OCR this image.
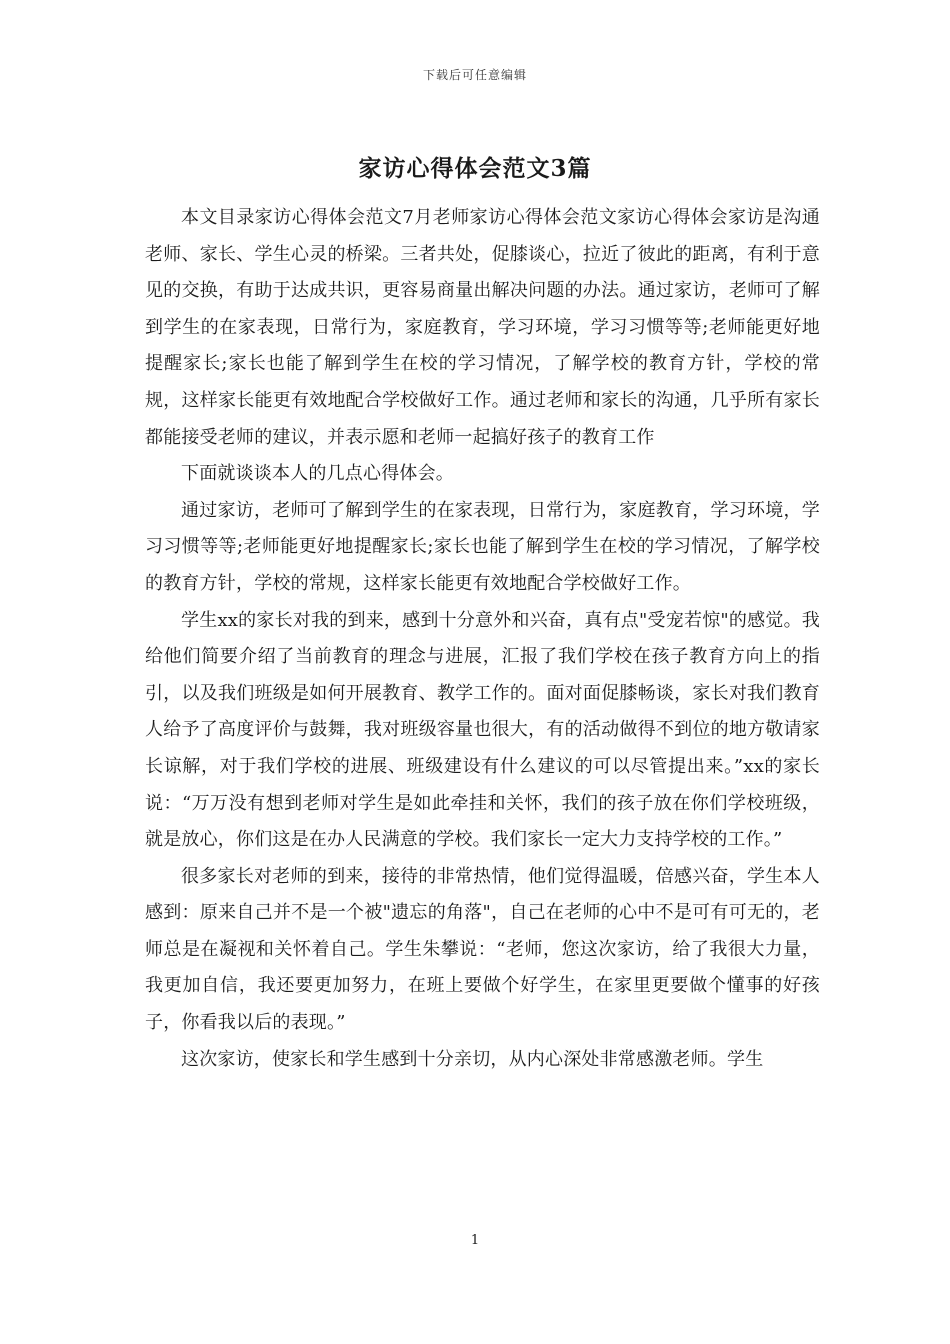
下载后可任意编辑
家访心得体会范文3篇

本文目录家访心得体会范文7月老师家访心得体会范文家访心得体会家访是沟通老师、家长、学生心灵的桥梁。三者共处，促膝谈心，拉近了彼此的距离，有利于意见的交换，有助于达成共识，更容易商量出解决问题的办法。通过家访，老师可了解到学生的在家表现，日常行为，家庭教育，学习环境，学习习惯等等;老师能更好地提醒家长;家长也能了解到学生在校的学习情况，了解学校的教育方针，学校的常规，这样家长能更有效地配合学校做好工作。通过老师和家长的沟通，几乎所有家长都能接受老师的建议，并表示愿和老师一起搞好孩子的教育工作

下面就谈谈本人的几点心得体会。

通过家访，老师可了解到学生的在家表现，日常行为，家庭教育，学习环境，学习习惯等等;老师能更好地提醒家长;家长也能了解到学生在校的学习情况，了解学校的教育方针，学校的常规，这样家长能更有效地配合学校做好工作。

学生xx的家长对我的到来，感到十分意外和兴奋，真有点"受宠若惊"的感觉。我给他们简要介绍了当前教育的理念与进展，汇报了我们学校在孩子教育方向上的指引，以及我们班级是如何开展教育、教学工作的。面对面促膝畅谈，家长对我们教育人给予了高度评价与鼓舞，我对班级容量也很大，有的活动做得不到位的地方敬请家长谅解，对于我们学校的进展、班级建设有什么建议的可以尽管提出来。”xx的家长说：“万万没有想到老师对学生是如此牵挂和关怀，我们的孩子放在你们学校班级，就是放心，你们这是在办人民满意的学校。我们家长一定大力支持学校的工作。”

很多家长对老师的到来，接待的非常热情，他们觉得温暖，倍感兴奋，学生本人感到：原来自己并不是一个被"遗忘的角落"，自己在老师的心中不是可有可无的，老师总是在凝视和关怀着自己。学生朱攀说：“老师，您这次家访，给了我很大力量，我更加自信，我还要更加努力，在班上要做个好学生，在家里更要做个懂事的好孩子，你看我以后的表现。”

这次家访，使家长和学生感到十分亲切，从内心深处非常感激老师。学生

1
